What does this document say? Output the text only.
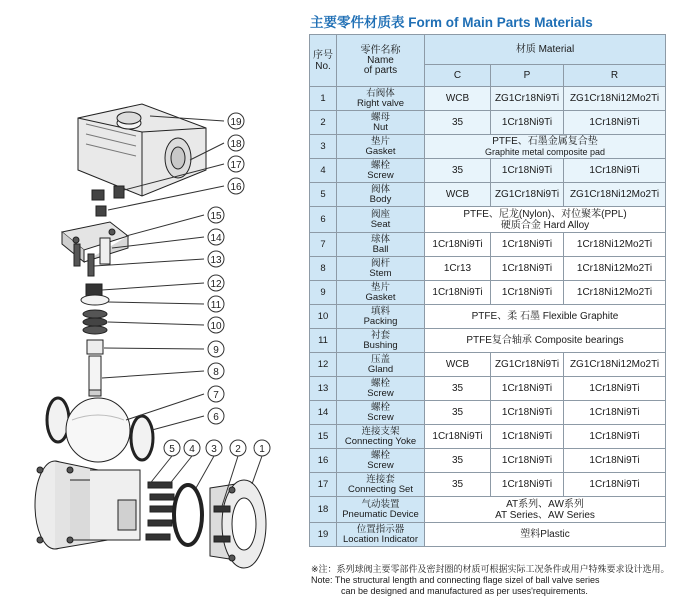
19
18
17
16
15
14
13
12
11
10
9
8
7
6
5 4 3 2 1
主要零件材质表 Form of Main Parts Materials
序号
No.	零件名称
Name
of parts	材质 Material		
		C	P	R
1	右阀体
Right valve	WCB	ZG1Cr18Ni9Ti	ZG1Cr18Ni12Mo2Ti
2	螺母
Nut	35	1Cr18Ni9Ti	1Cr18Ni9Ti
3	垫片
Gasket	PTFE、石墨金属复合垫
Graphite metal composite pad		

4	螺栓
Screw	35	1Cr18Ni9Ti	1Cr18Ni9Ti
5	阀体
Body	WCB	ZG1Cr18Ni9Ti	ZG1Cr18Ni12Mo2Ti
6	阀座
Seat	PTFE、尼龙(Nylon)、对位聚苯(PPL)
硬质合金 Hard Alloy		

7	球体
Ball	1Cr18Ni9Ti	1Cr18Ni9Ti	1Cr18Ni12Mo2Ti
8	阀杆
Stem	1Cr13	1Cr18Ni9Ti	1Cr18Ni12Mo2Ti
9	垫片
Gasket	1Cr18Ni9Ti	1Cr18Ni9Ti	1Cr18Ni12Mo2Ti
10	填料
Packing	PTFE、柔 石墨 Flexible Graphite		
11	衬套
Bushing	PTFE复合轴承 Composite bearings		
12	压盖
Gland	WCB	ZG1Cr18Ni9Ti	ZG1Cr18Ni12Mo2Ti
13	螺栓
Screw	35	1Cr18Ni9Ti	1Cr18Ni9Ti
14	螺栓
Screw	35	1Cr18Ni9Ti	1Cr18Ni9Ti
15	连接支架
Connecting Yoke	1Cr18Ni9Ti	1Cr18Ni9Ti	1Cr18Ni9Ti
16	螺栓
Screw	35	1Cr18Ni9Ti	1Cr18Ni9Ti
17	连接套
Connecting Set	35	1Cr18Ni9Ti	1Cr18Ni9Ti
18	气动装置
Pneumatic Device	AT系列、AW系列
AT Series、AW Series		

19	位置指示器
Location Indicator	塑料Plastic		
※注：系列球阀主要零部件及密封圈的材质可根据实际工况条件或用户特殊要求设计选用。
Note: The structural length and connecting flage sizel of ball valve series
can be designed and manufactured as per uses'requirements.
